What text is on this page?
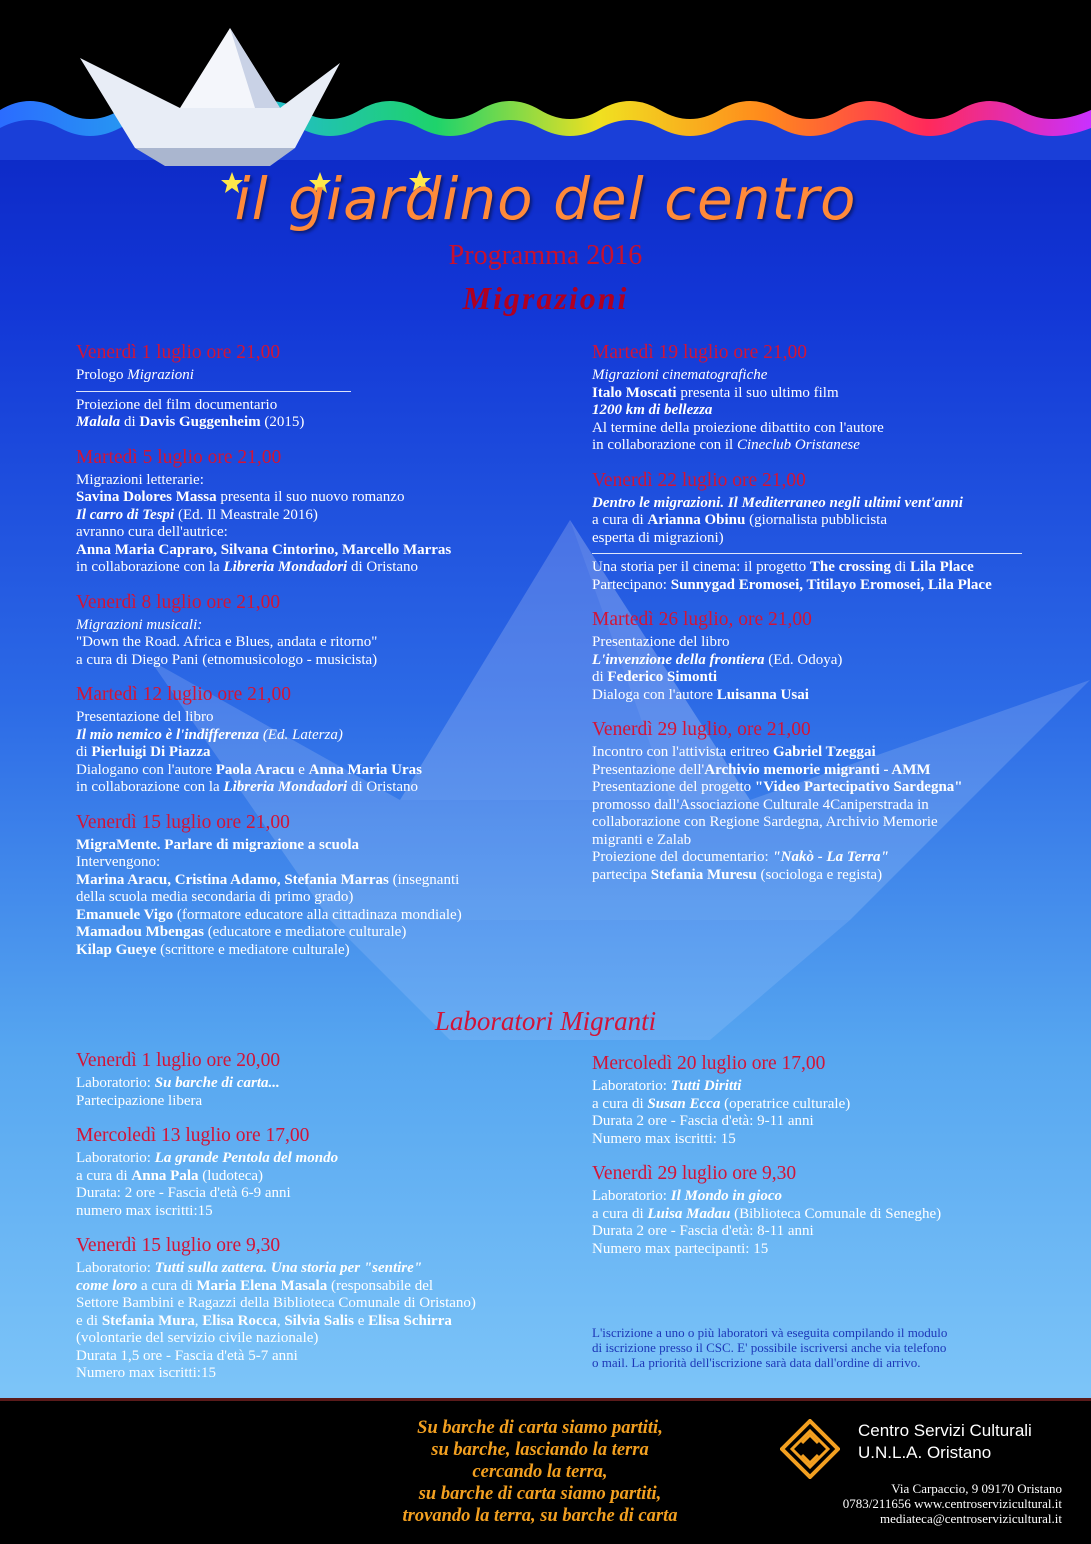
il giardino del centro
Programma 2016
Migrazioni
Venerdì 1 luglio ore 21,00
Prologo Migrazioni
Proiezione del film documentario
Malala di Davis Guggenheim (2015)
Martedì 5 luglio ore 21,00
Migrazioni letterarie:
Savina Dolores Massa presenta il suo nuovo romanzo
Il carro di Tespi (Ed. Il Meastrale 2016)
avranno cura dell'autrice:
Anna Maria Capraro, Silvana Cintorino, Marcello Marras
in collaborazione con la Libreria Mondadori di Oristano
Venerdì 8 luglio ore 21,00
Migrazioni musicali:
"Down the Road. Africa e Blues, andata e ritorno"
a cura di Diego Pani (etnomusicologo - musicista)
Martedì 12 luglio ore 21,00
Presentazione del libro
Il mio nemico è l'indifferenza (Ed. Laterza)
di Pierluigi Di Piazza
Dialogano con l'autore Paola Aracu e Anna Maria Uras
in collaborazione con la Libreria Mondadori di Oristano
Venerdì 15 luglio ore 21,00
MigraMente. Parlare di migrazione a scuola
Intervengono:
Marina Aracu, Cristina Adamo, Stefania Marras (insegnanti
della scuola media secondaria di primo grado)
Emanuele Vigo (formatore educatore alla cittadinaza mondiale)
Mamadou Mbengas (educatore e mediatore culturale)
Kilap Gueye (scrittore e mediatore culturale)
Martedì 19 luglio ore 21,00
Migrazioni cinematografiche
Italo Moscati presenta il suo ultimo film
1200 km di bellezza
Al termine della proiezione dibattito con l'autore
in collaborazione con il Cineclub Oristanese
Venerdì 22 luglio ore 21,00
Dentro le migrazioni. Il Mediterraneo negli ultimi vent'anni
a cura di Arianna Obinu (giornalista pubblicista
esperta di migrazioni)
Una storia per il cinema: il progetto The crossing di Lila Place
Partecipano: Sunnygad Eromosei, Titilayo Eromosei, Lila Place
Martedì 26 luglio, ore 21,00
Presentazione del libro
L'invenzione della frontiera (Ed. Odoya)
di Federico Simonti
Dialoga con l'autore Luisanna Usai
Venerdì 29 luglio, ore 21,00
Incontro con l'attivista eritreo Gabriel Tzeggai
Presentazione dell'Archivio memorie migranti - AMM
Presentazione del progetto "Video Partecipativo Sardegna"
promosso dall'Associazione Culturale 4Caniperstrada in
collaborazione con Regione Sardegna, Archivio Memorie
migranti e Zalab
Proiezione del documentario: "Nakò - La Terra"
partecipa Stefania Muresu (sociologa e regista)
Laboratori Migranti
Venerdì 1 luglio ore 20,00
Laboratorio: Su barche di carta...
Partecipazione libera
Mercoledì 13 luglio ore 17,00
Laboratorio: La grande Pentola del mondo
a cura di Anna Pala (ludoteca)
Durata: 2 ore - Fascia d'età 6-9 anni
numero max iscritti:15
Venerdì 15 luglio ore 9,30
Laboratorio: Tutti sulla zattera. Una storia per "sentire"
come loro a cura di Maria Elena Masala (responsabile del
Settore Bambini e Ragazzi della Biblioteca Comunale di Oristano)
e di Stefania Mura, Elisa Rocca, Silvia Salis e Elisa Schirra
(volontarie del servizio civile nazionale)
Durata 1,5 ore - Fascia d'età 5-7 anni
Numero max iscritti:15
Mercoledì 20 luglio ore 17,00
Laboratorio: Tutti Diritti
a cura di Susan Ecca (operatrice culturale)
Durata 2 ore - Fascia d'età: 9-11 anni
Numero max iscritti: 15
Venerdì 29 luglio ore 9,30
Laboratorio: Il Mondo in gioco
a cura di Luisa Madau (Biblioteca Comunale di Seneghe)
Durata 2 ore - Fascia d'età: 8-11 anni
Numero max partecipanti: 15
L'iscrizione a uno o più laboratori và eseguita compilando il modulo
di iscrizione presso il CSC. E' possibile iscriversi anche via telefono
o mail. La priorità dell'iscrizione sarà data dall'ordine di arrivo.
Su barche di carta siamo partiti,
su barche, lasciando la terra
cercando la terra,
su barche di carta siamo partiti,
trovando la terra, su barche di carta
Centro Servizi Culturali
U.N.L.A. Oristano
Via Carpaccio, 9 09170 Oristano
0783/211656 www.centroservizicultural.it
mediateca@centroservizicultural.it
